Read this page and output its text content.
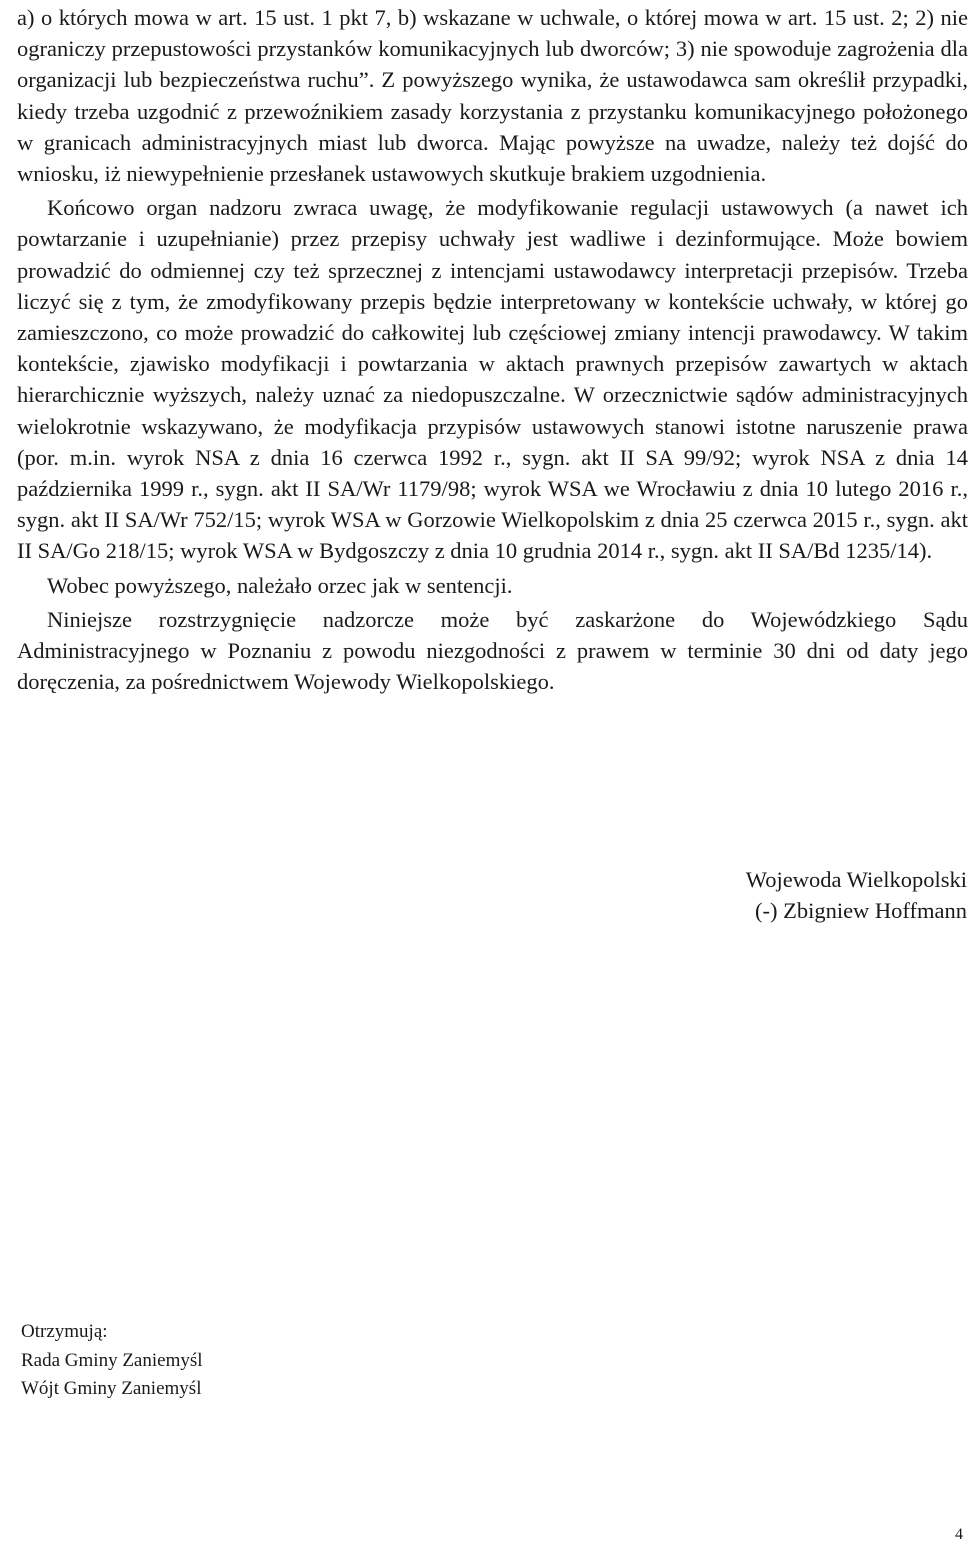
a) o których mowa w art. 15 ust. 1 pkt 7, b) wskazane w uchwale, o której mowa w art. 15 ust. 2; 2) nie ograniczy przepustowości przystanków komunikacyjnych lub dworców; 3) nie spowoduje zagrożenia dla organizacji lub bezpieczeństwa ruchu”. Z powyższego wynika, że ustawodawca sam określił przypadki, kiedy trzeba uzgodnić z przewoźnikiem zasady korzystania z przystanku komunikacyjnego położonego w granicach administracyjnych miast lub dworca. Mając powyższe na uwadze, należy też dojść do wniosku, iż niewypełnienie przesłanek ustawowych skutkuje brakiem uzgodnienia.

Końcowo organ nadzoru zwraca uwagę, że modyfikowanie regulacji ustawowych (a nawet ich powtarzanie i uzupełnianie) przez przepisy uchwały jest wadliwe i dezinformujące. Może bowiem prowadzić do odmiennej czy też sprzecznej z intencjami ustawodawcy interpretacji przepisów. Trzeba liczyć się z tym, że zmodyfikowany przepis będzie interpretowany w kontekście uchwały, w której go zamieszczono, co może prowadzić do całkowitej lub częściowej zmiany intencji prawodawcy. W takim kontekście, zjawisko modyfikacji i powtarzania w aktach prawnych przepisów zawartych w aktach hierarchicznie wyższych, należy uznać za niedopuszczalne. W orzecznictwie sądów administracyjnych wielokrotnie wskazywano, że modyfikacja przypisów ustawowych stanowi istotne naruszenie prawa (por. m.in. wyrok NSA z dnia 16 czerwca 1992 r., sygn. akt II SA 99/92; wyrok NSA z dnia 14 października 1999 r., sygn. akt II SA/Wr 1179/98; wyrok WSA we Wrocławiu z dnia 10 lutego 2016 r., sygn. akt II SA/Wr 752/15; wyrok WSA w Gorzowie Wielkopolskim z dnia 25 czerwca 2015 r., sygn. akt II SA/Go 218/15; wyrok WSA w Bydgoszczy z dnia 10 grudnia 2014 r., sygn. akt II SA/Bd 1235/14).

Wobec powyższego, należało orzec jak w sentencji.

Niniejsze rozstrzygnięcie nadzorcze może być zaskarżone do Wojewódzkiego Sądu Administracyjnego w Poznaniu z powodu niezgodności z prawem w terminie 30 dni od daty jego doręczenia, za pośrednictwem Wojewody Wielkopolskiego.

Wojewoda Wielkopolski
(-) Zbigniew Hoffmann
Otrzymują:
Rada Gminy Zaniemyśl
Wójt Gminy Zaniemyśl
4
